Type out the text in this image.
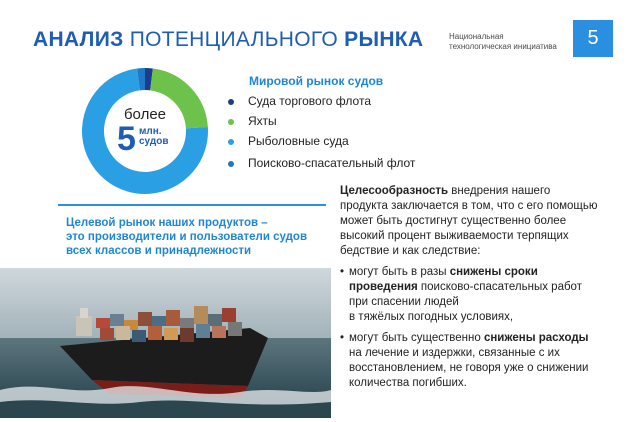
АНАЛИЗ ПОТЕНЦИАЛЬНОГО РЫНКА	Национальная
технологическая инициатива	5
более
5 млн.
судов
Мировой рынок судов
Суда торгового флота
Яхты
Рыболовные суда
Поисково-спасательный флот
Целевой рынок наших продуктов –
это производители и пользователи судов
всех классов и принадлежности

Целесообразность внедрения нашего
продукта заключается в том, что с его помощью
может быть достигнут существенно более
высокий процент выживаемости терпящих
бедствие и как следствие:

• могут быть в разы снижены сроки
проведения поисково-спасательных работ
при спасении людей
в тяжёлых погодных условиях,
• могут быть существенно снижены расходы
на лечение и издержки, связанные с их
восстановлением, не говоря уже о снижении
количества погибших.
